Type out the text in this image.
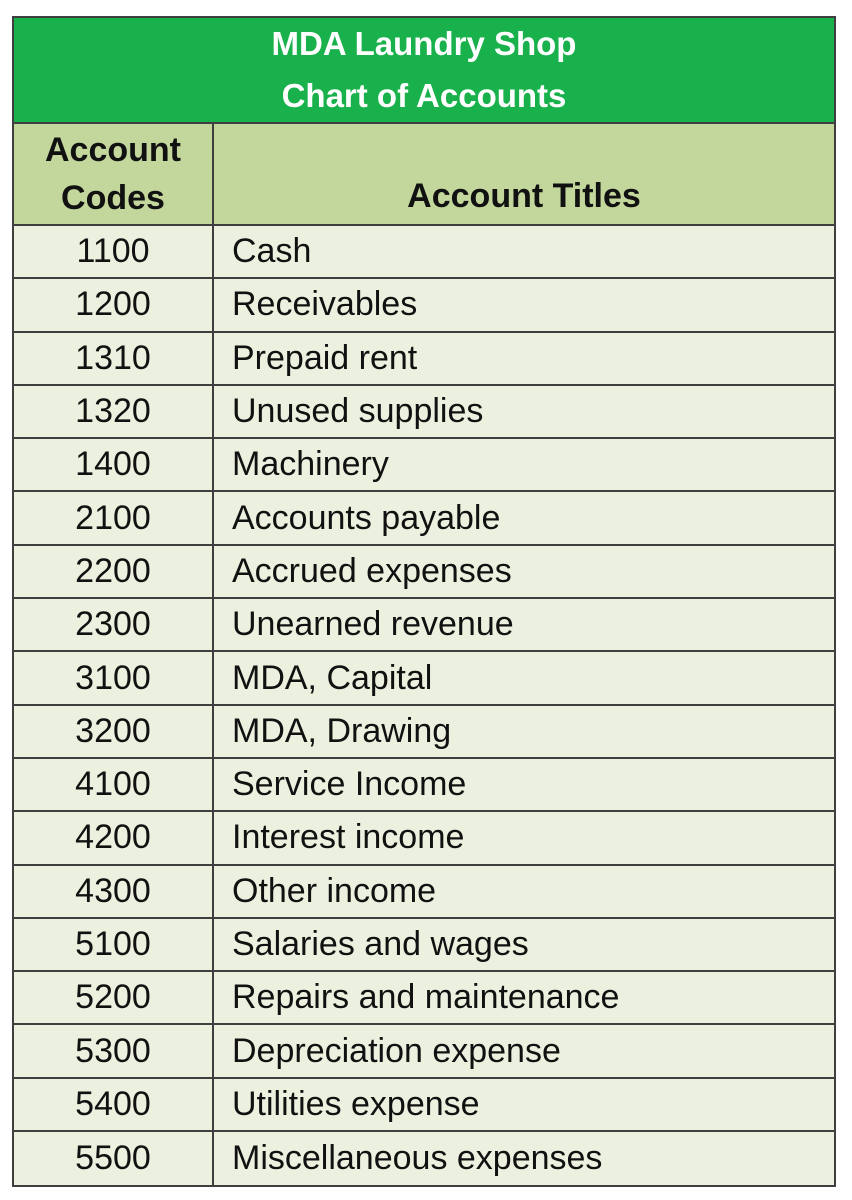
MDA Laundry Shop
Chart of Accounts
Account
Codes	Account Titles
1100	Cash
1200	Receivables
1310	Prepaid rent
1320	Unused supplies
1400	Machinery
2100	Accounts payable
2200	Accrued expenses
2300	Unearned revenue
3100	MDA, Capital
3200	MDA, Drawing
4100	Service Income
4200	Interest income
4300	Other income
5100	Salaries and wages
5200	Repairs and maintenance
5300	Depreciation expense
5400	Utilities expense
5500	Miscellaneous expenses
